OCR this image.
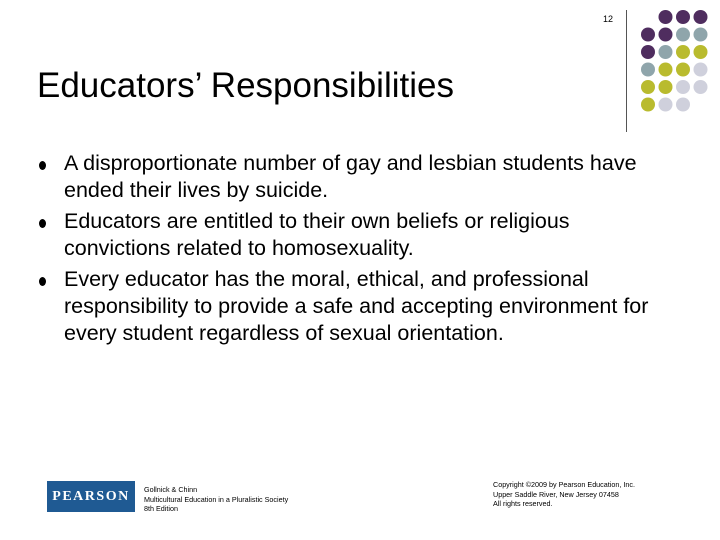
12
Educators’ Responsibilities
A disproportionate number of gay and lesbian students have ended their lives by suicide.
Educators are entitled to their own beliefs or religious convictions related to homosexuality.
Every educator has the moral, ethical, and professional responsibility to provide a safe and accepting environment for every student regardless of sexual orientation.
PEARSON Gollnick & Chinn
Multicultural Education in a Pluralistic Society
8th Edition
Copyright ©2009 by Pearson Education, Inc.
Upper Saddle River, New Jersey 07458
All rights reserved.
